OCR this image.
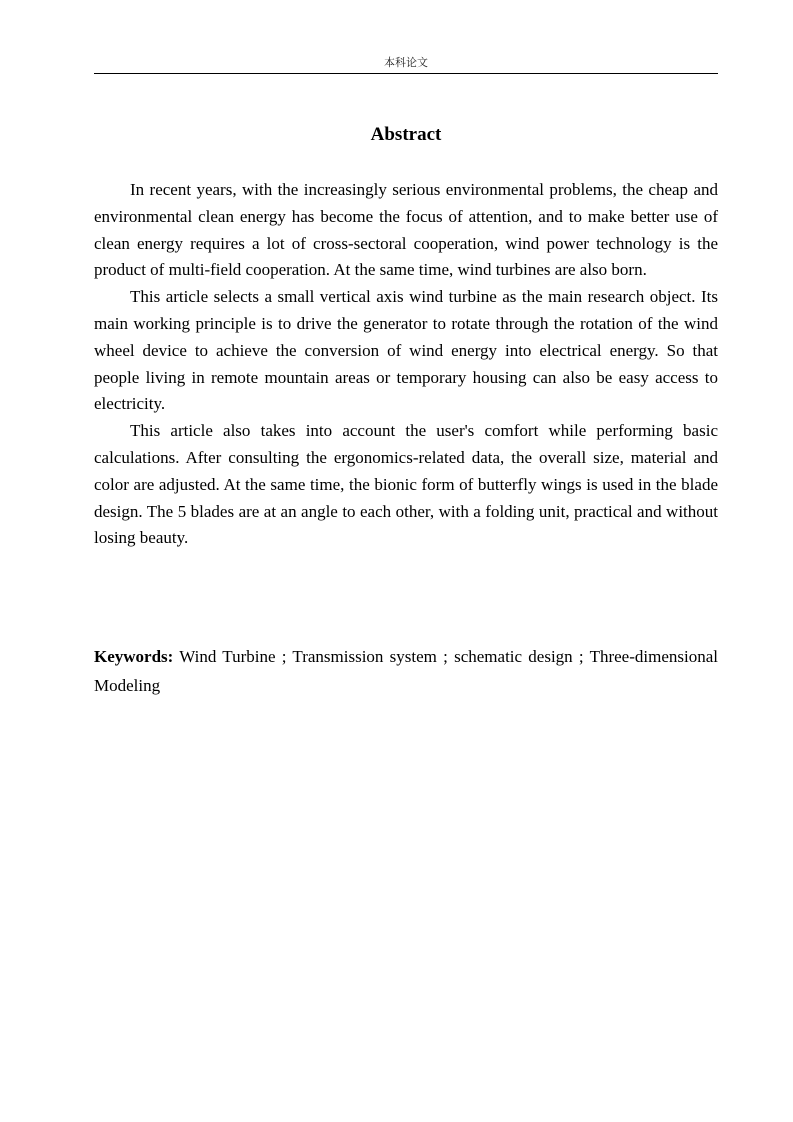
本科论文
Abstract

In recent years, with the increasingly serious environmental problems, the cheap and environmental clean energy has become the focus of attention, and to make better use of clean energy requires a lot of cross-sectoral cooperation, wind power technology is the product of multi-field cooperation. At the same time, wind turbines are also born.

This article selects a small vertical axis wind turbine as the main research object. Its main working principle is to drive the generator to rotate through the rotation of the wind wheel device to achieve the conversion of wind energy into electrical energy. So that people living in remote mountain areas or temporary housing can also be easy access to electricity.

This article also takes into account the user's comfort while performing basic calculations. After consulting the ergonomics-related data, the overall size, material and color are adjusted. At the same time, the bionic form of butterfly wings is used in the blade design. The 5 blades are at an angle to each other, with a folding unit, practical and without losing beauty.

Keywords: Wind Turbine ; Transmission system ; schematic design ; Three-dimensional Modeling
